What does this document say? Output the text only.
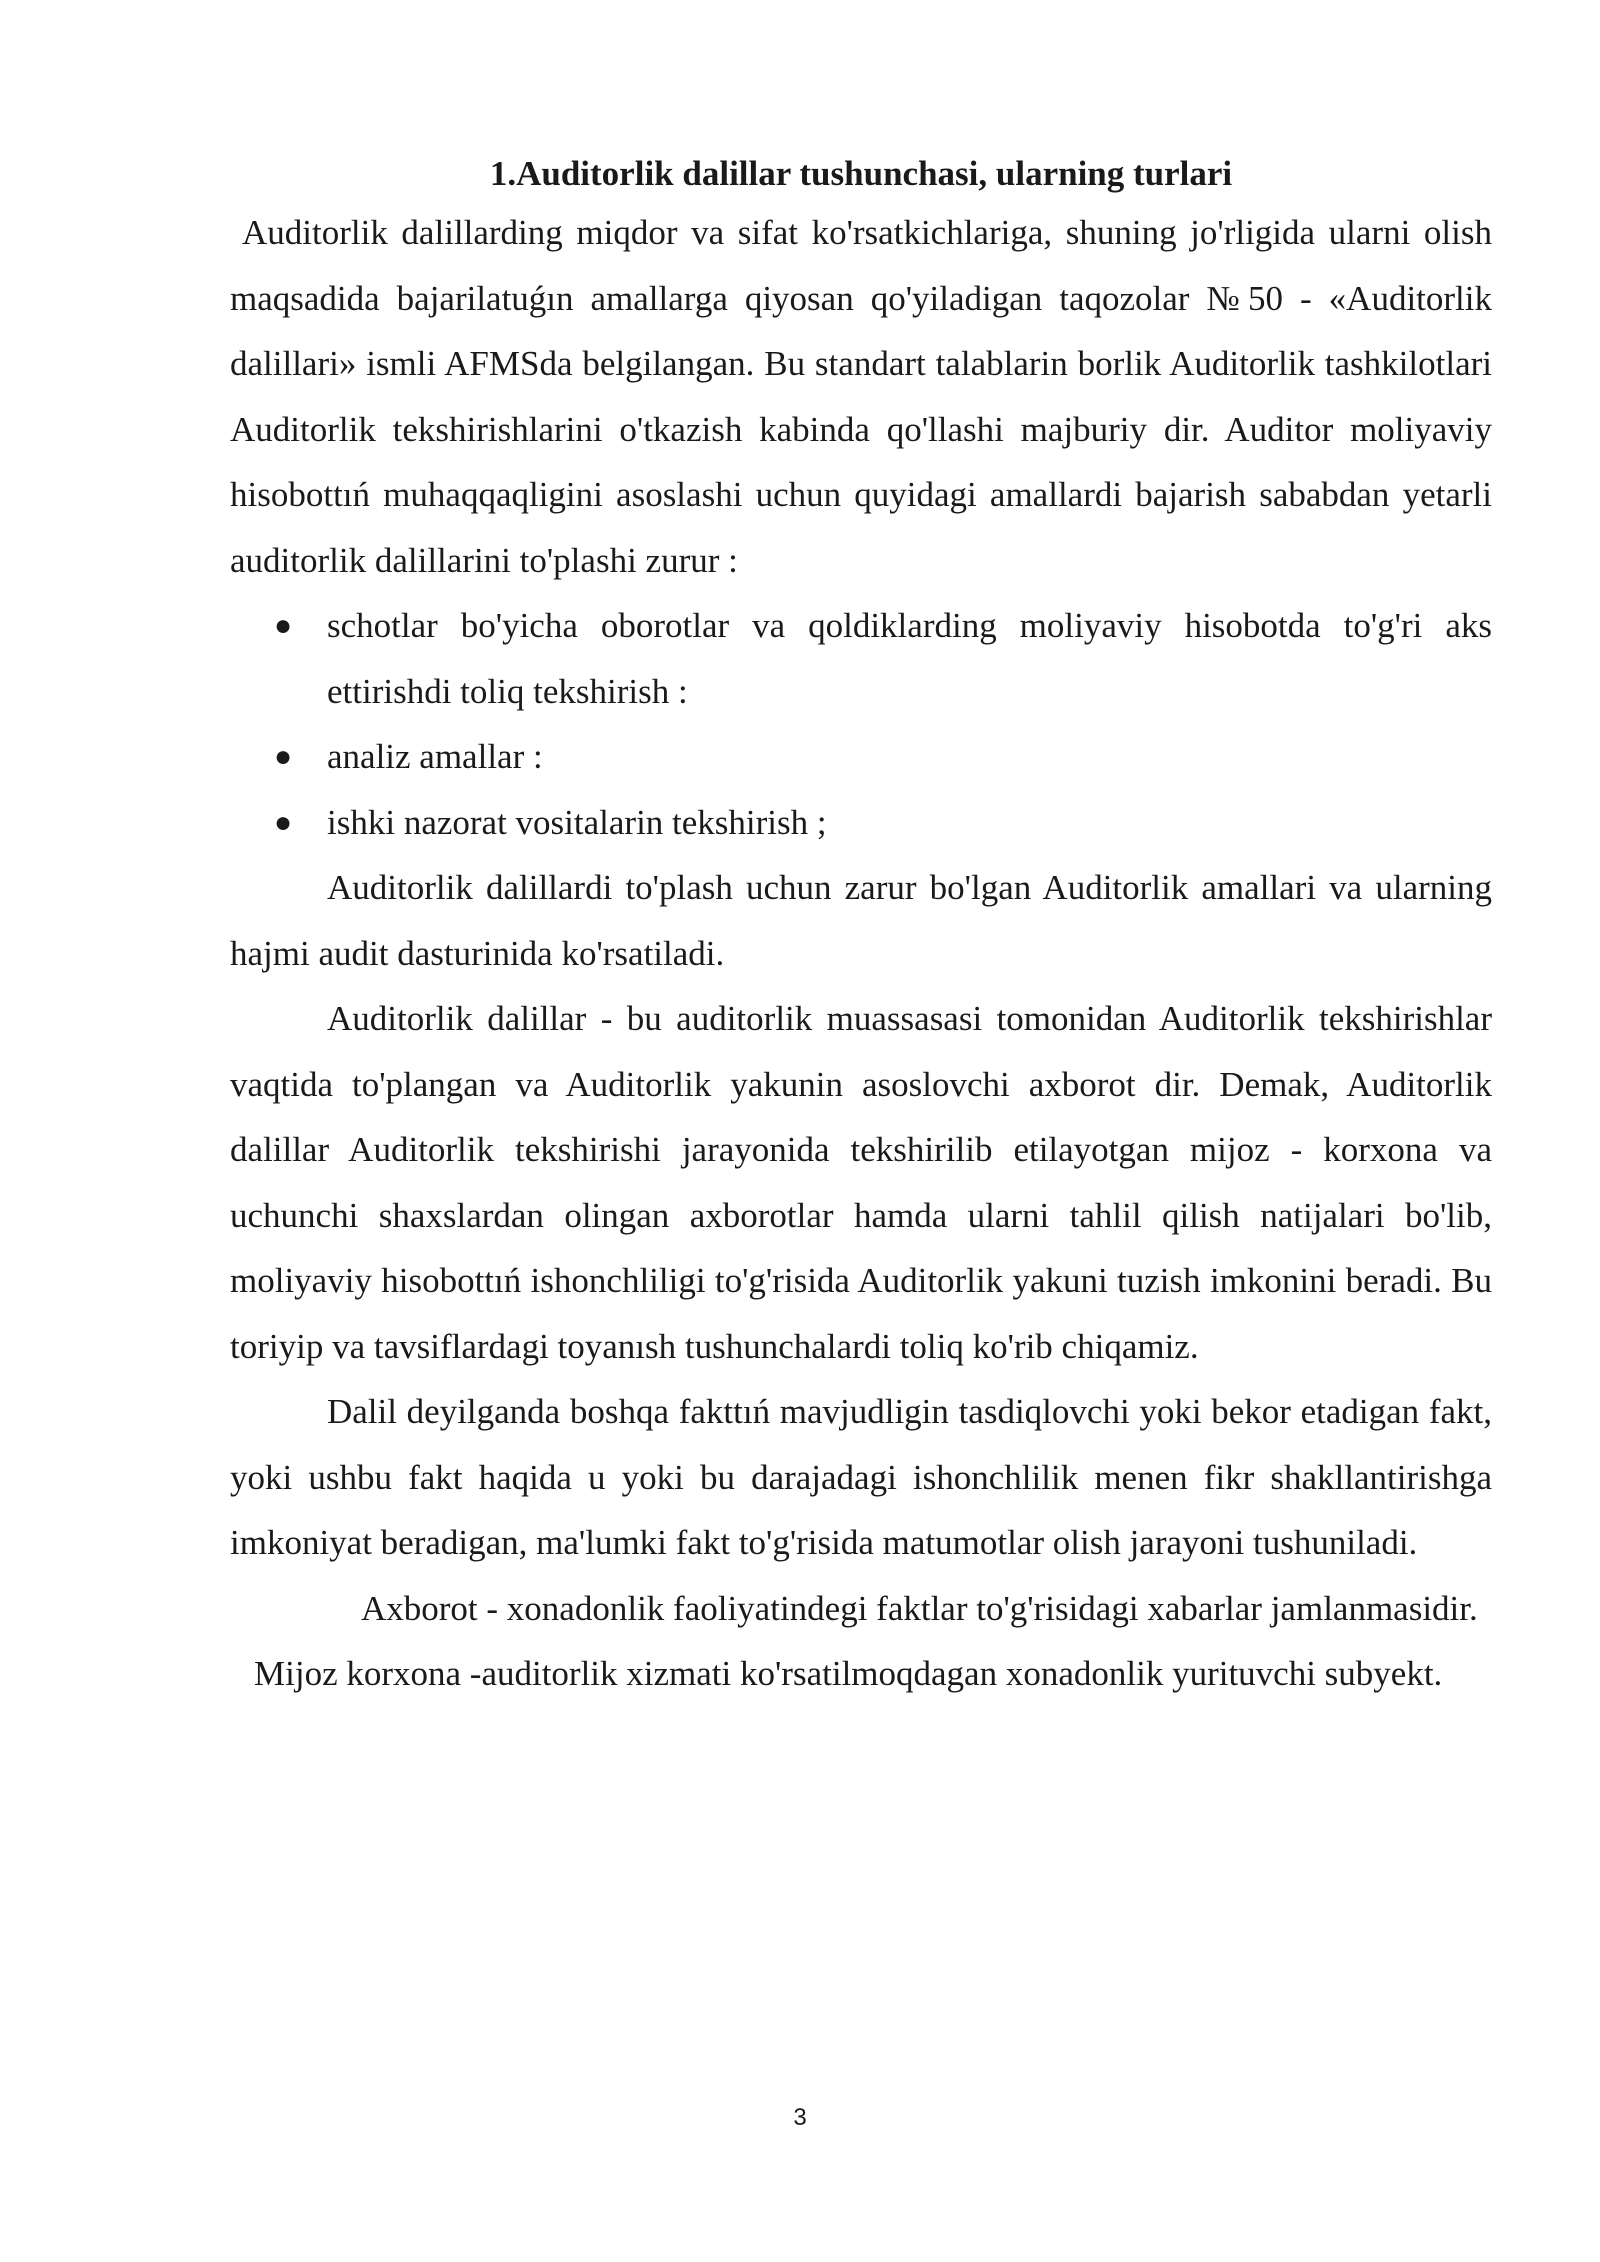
1.Auditorlik dalillar tushunchasi, ularning turlari

Auditorlik dalillarding miqdor va sifat ko'rsatkichlariga, shuning jo'rligida ularni olish maqsadida bajarilatuǵın amallarga qiyosan qo'yiladigan taqozolar №50 - «Auditorlik dalillari» ismli AFMSda belgilangan. Bu standart talablarin borlik Auditorlik tashkilotlari Auditorlik tekshirishlarini o'tkazish kabinda qo'llashi majburiy dir. Auditor moliyaviy hisobottıń muhaqqaqligini asoslashi uchun quyidagi amallardi bajarish sababdan yetarli auditorlik dalillarini to'plashi zurur :

● schotlar bo'yicha oborotlar va qoldiklarding moliyaviy hisobotda to'g'ri aks ettirishdi toliq tekshirish :
● analiz amallar :
● ishki nazorat vositalarin tekshirish ;

Auditorlik dalillardi to'plash uchun zarur bo'lgan Auditorlik amallari va ularning hajmi audit dasturinida ko'rsatiladi.

Auditorlik dalillar - bu auditorlik muassasasi tomonidan Auditorlik tekshirishlar vaqtida to'plangan va Auditorlik yakunin asoslovchi axborot dir. Demak, Auditorlik dalillar Auditorlik tekshirishi jarayonida tekshirilib etilayotgan mijoz - korxona va uchunchi shaxslardan olingan axborotlar hamda ularni tahlil qilish natijalari bo'lib, moliyaviy hisobottıń ishonchliligi to'g'risida Auditorlik yakuni tuzish imkonini beradi. Bu toriyip va tavsiflardagi toyanısh tushunchalardi toliq ko'rib chiqamiz.

Dalil deyilganda boshqa fakttıń mavjudligin tasdiqlovchi yoki bekor etadigan fakt, yoki ushbu fakt haqida u yoki bu darajadagi ishonchlilik menen fikr shakllantirishga imkoniyat beradigan, ma'lumki fakt to'g'risida matumotlar olish jarayoni tushuniladi.

Axborot - xonadonlik faoliyatindegi faktlar to'g'risidagi xabarlar jamlanmasidir.

Mijoz korxona -auditorlik xizmati ko'rsatilmoqdagan xonadonlik yurituvchi subyekt.

3
